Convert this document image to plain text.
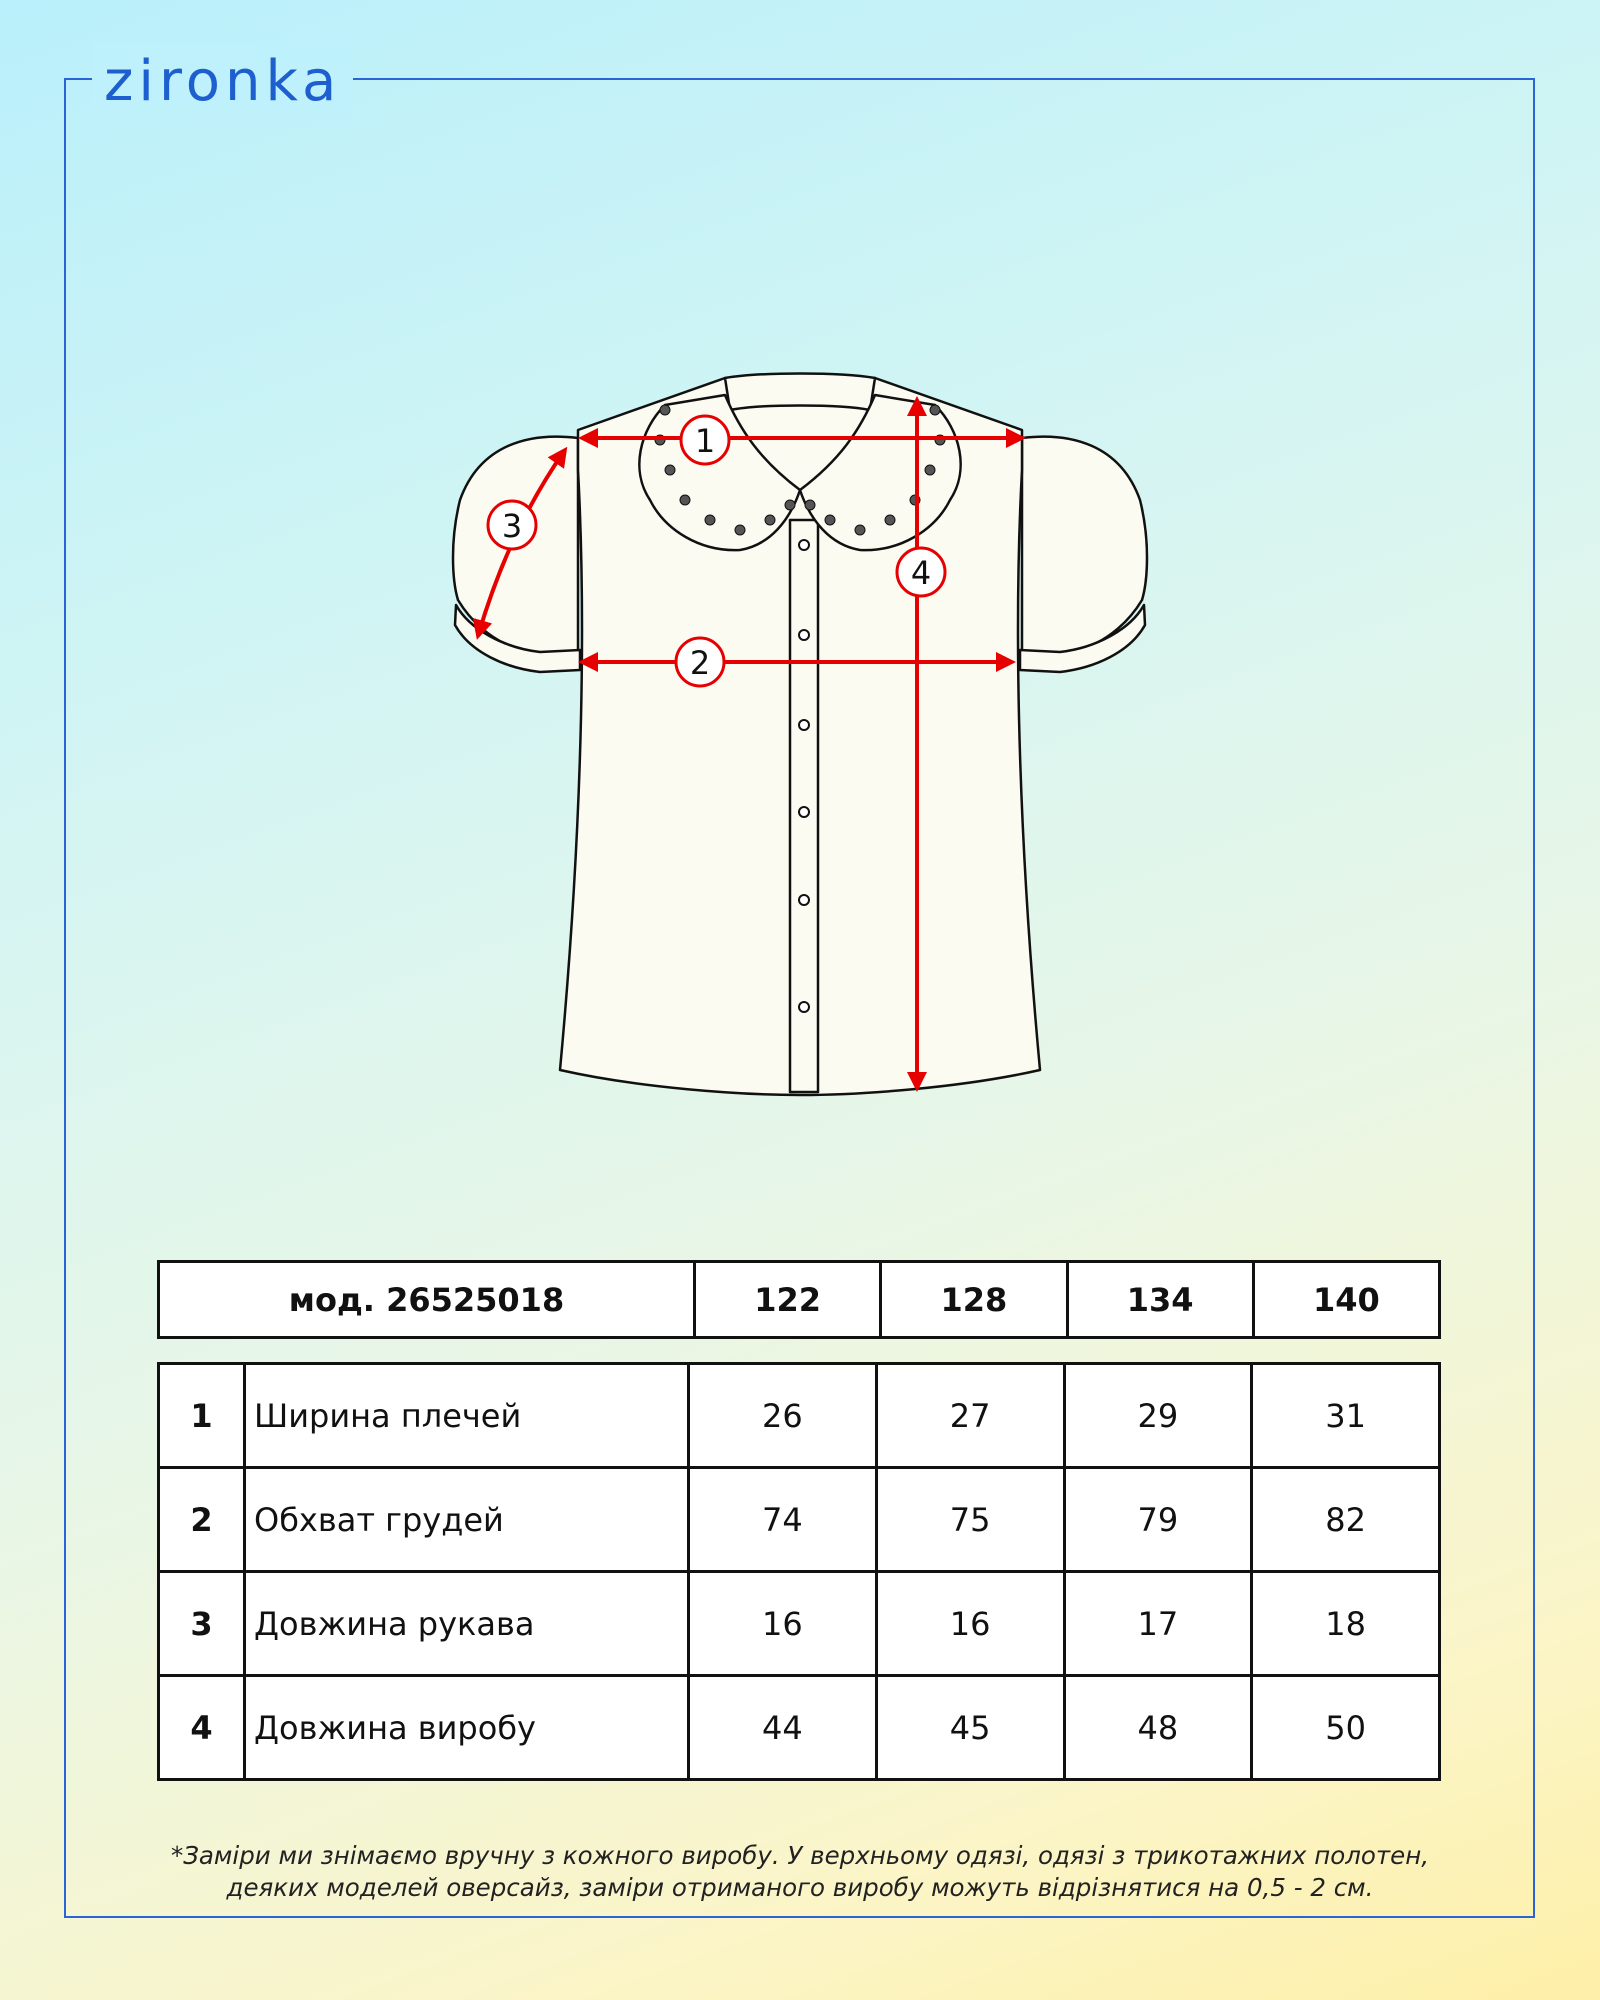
zironka
1
2
3
4
мод. 26525018	122	128	134	140
1	Ширина плечей	26	27	29	31
2	Обхват грудей	74	75	79	82
3	Довжина рукава	16	16	17	18
4	Довжина виробу	44	45	48	50
*Заміри ми знімаємо вручну з кожного виробу. У верхньому одязі, одязі з трикотажних полотен,
деяких моделей оверсайз, заміри отриманого виробу можуть відрізнятися на 0,5 - 2 см.
